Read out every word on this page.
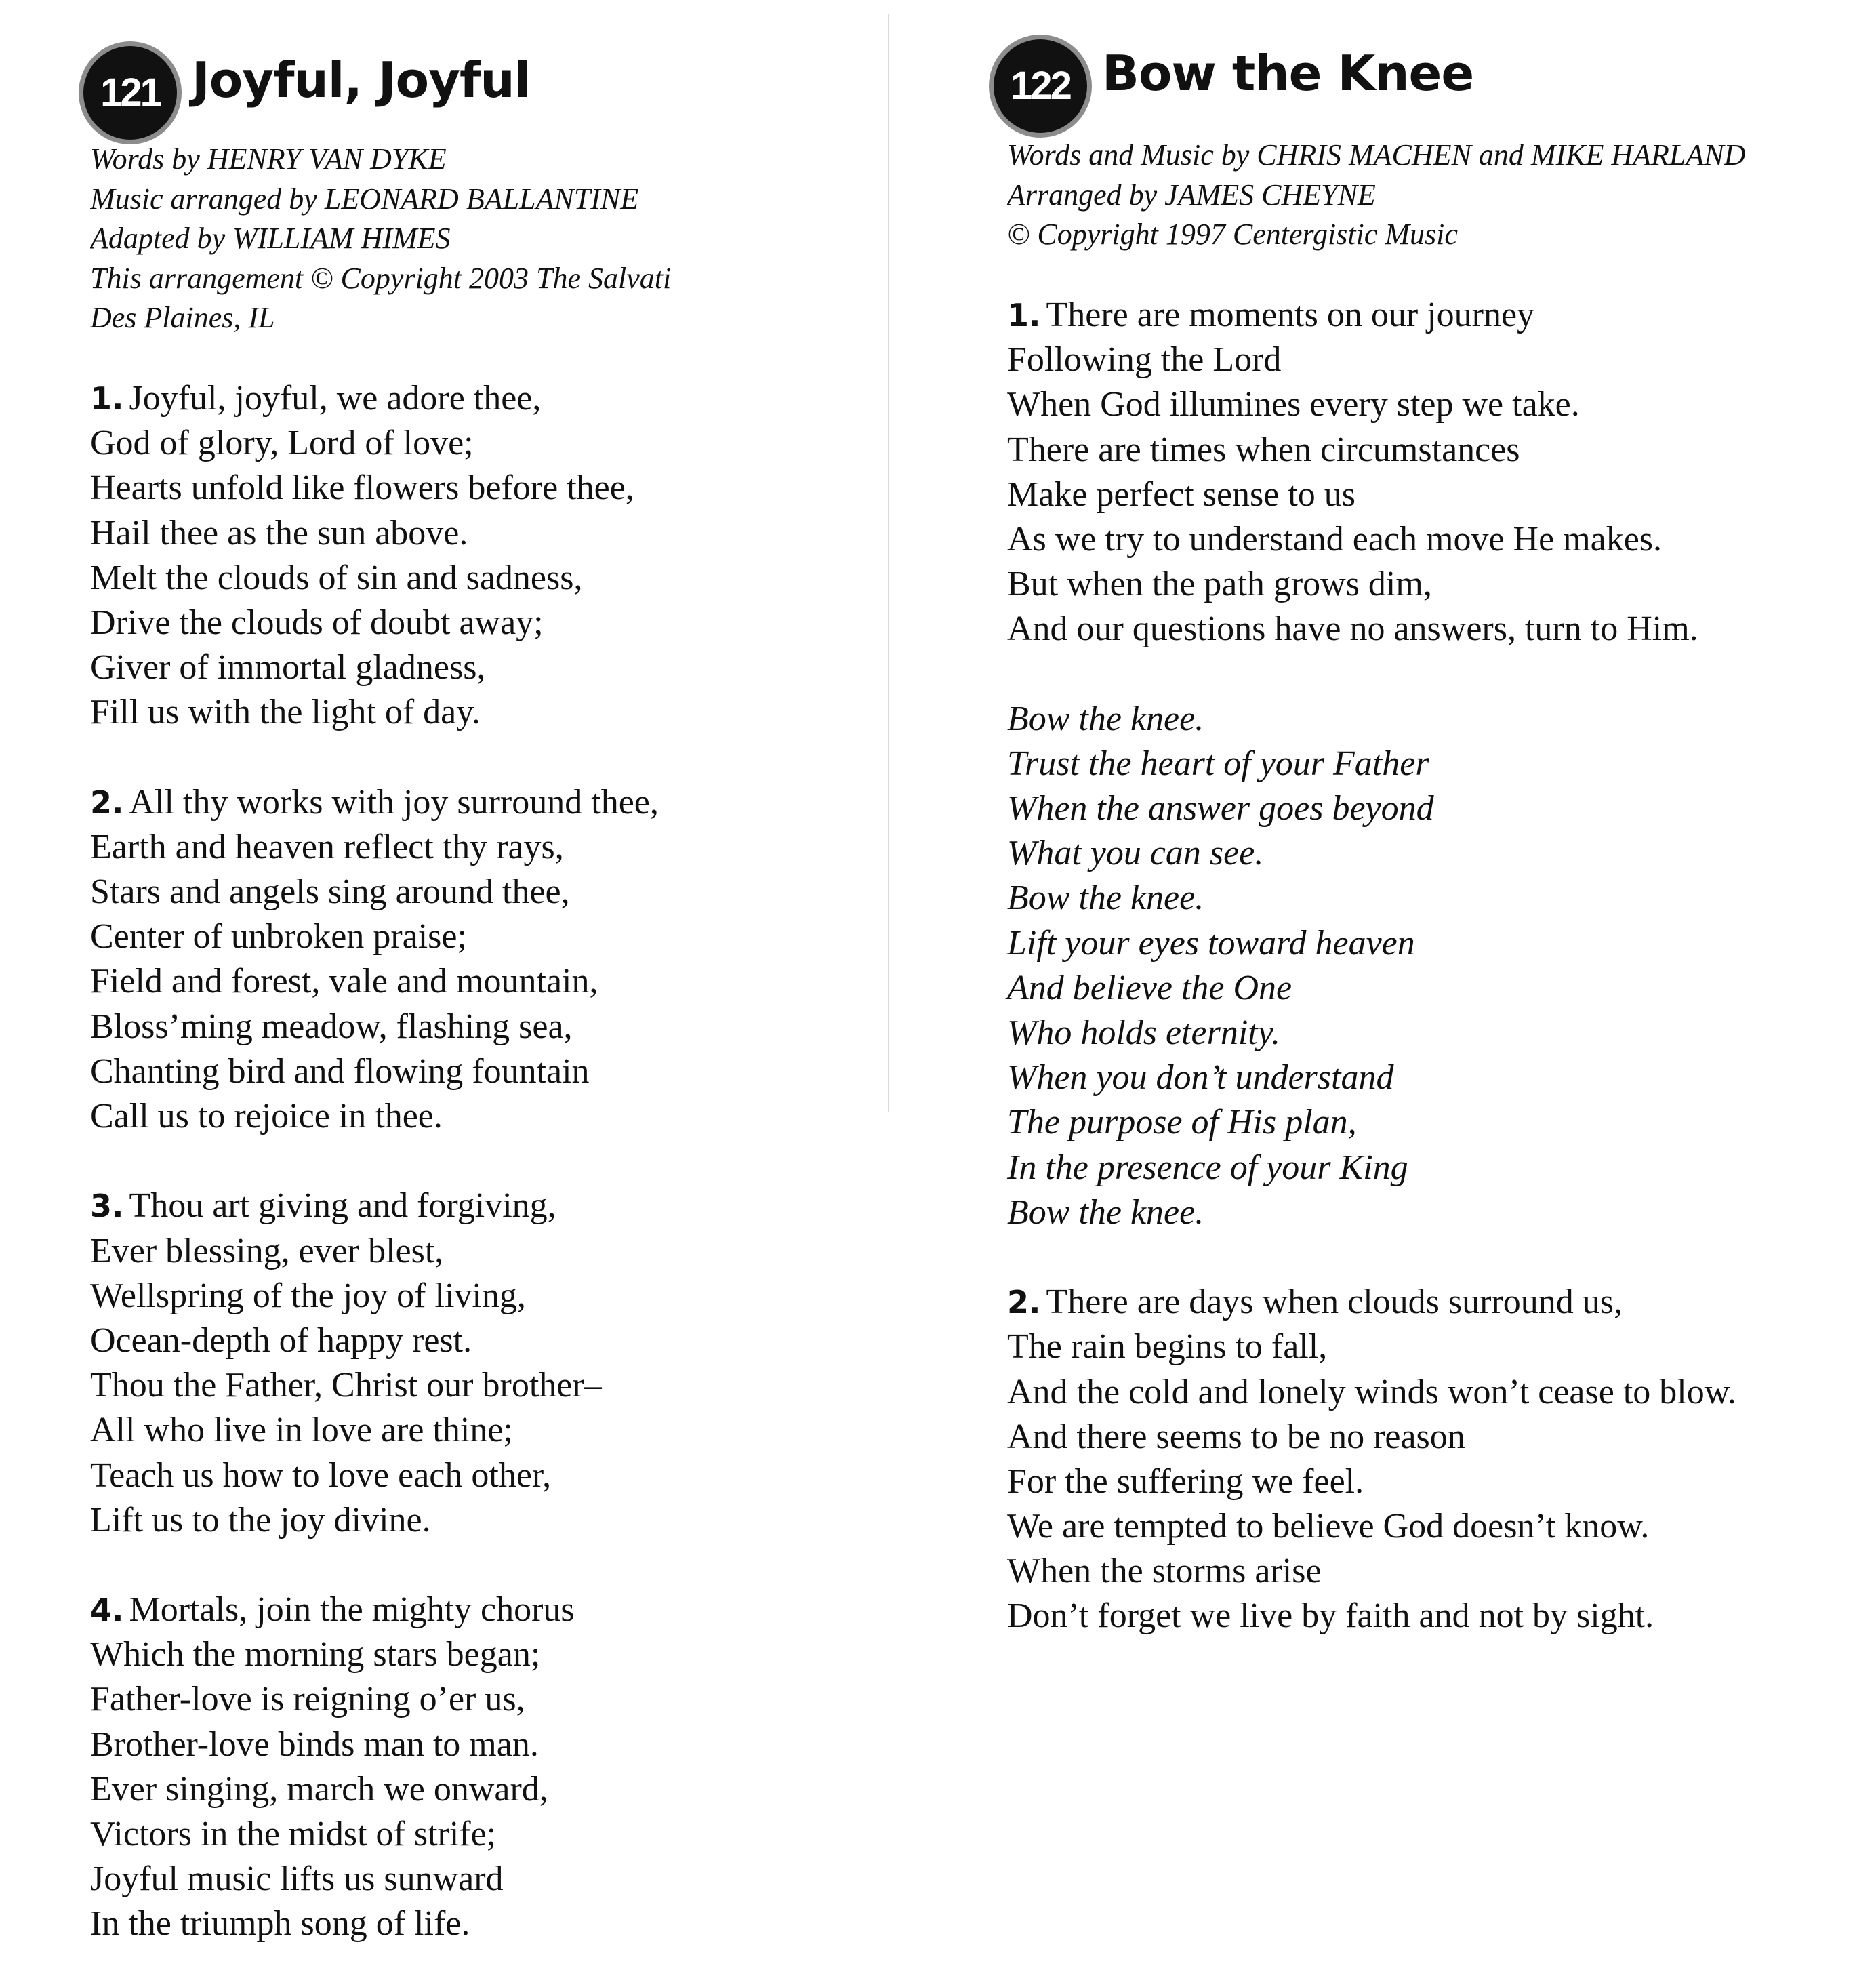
121 Joyful, Joyful
Words by HENRY VAN DYKE
Music arranged by LEONARD BALLANTINE
Adapted by WILLIAM HIMES
This arrangement © Copyright 2003 The Salvati
Des Plaines, IL
1. Joyful, joyful, we adore thee,
God of glory, Lord of love;
Hearts unfold like flowers before thee,
Hail thee as the sun above.
Melt the clouds of sin and sadness,
Drive the clouds of doubt away;
Giver of immortal gladness,
Fill us with the light of day.
2. All thy works with joy surround thee,
Earth and heaven reflect thy rays,
Stars and angels sing around thee,
Center of unbroken praise;
Field and forest, vale and mountain,
Bloss’ming meadow, flashing sea,
Chanting bird and flowing fountain
Call us to rejoice in thee.
3. Thou art giving and forgiving,
Ever blessing, ever blest,
Wellspring of the joy of living,
Ocean-depth of happy rest.
Thou the Father, Christ our brother–
All who live in love are thine;
Teach us how to love each other,
Lift us to the joy divine.
4. Mortals, join the mighty chorus
Which the morning stars began;
Father-love is reigning o’er us,
Brother-love binds man to man.
Ever singing, march we onward,
Victors in the midst of strife;
Joyful music lifts us sunward
In the triumph song of life.
122 Bow the Knee
Words and Music by CHRIS MACHEN and MIKE HARLAND
Arranged by JAMES CHEYNE
© Copyright 1997 Centergistic Music
1. There are moments on our journey
Following the Lord
When God illumines every step we take.
There are times when circumstances
Make perfect sense to us
As we try to understand each move He makes.
But when the path grows dim,
And our questions have no answers, turn to Him.
Bow the knee.
Trust the heart of your Father
When the answer goes beyond
What you can see.
Bow the knee.
Lift your eyes toward heaven
And believe the One
Who holds eternity.
When you don’t understand
The purpose of His plan,
In the presence of your King
Bow the knee.
2. There are days when clouds surround us,
The rain begins to fall,
And the cold and lonely winds won’t cease to blow.
And there seems to be no reason
For the suffering we feel.
We are tempted to believe God doesn’t know.
When the storms arise
Don’t forget we live by faith and not by sight.
